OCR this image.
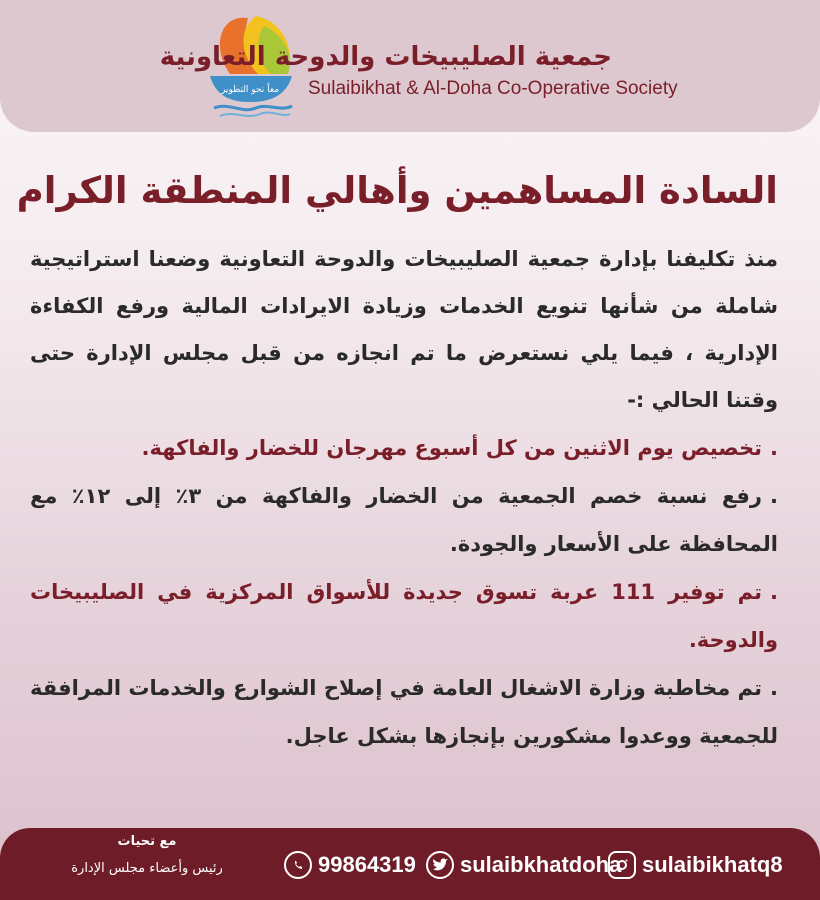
معاً نحو التطوير
جمعية الصليبيخات والدوحة التعاونية
Sulaibikhat & Al-Doha Co-Operative Society
السادة المساهمين وأهالي المنطقة الكرام

منذ تكليفنا بإدارة جمعية الصليبيخات والدوحة التعاونية وضعنا استراتيجية شاملة من شأنها تنويع الخدمات وزيادة الايرادات المالية ورفع الكفاءة الإدارية ، فيما يلي نستعرض ما تم انجازه من قبل مجلس الإدارة حتى وقتنا الحالي :-

.تخصيص يوم الاثنين من كل أسبوع مهرجان للخضار والفاكهة.

.رفع نسبة خصم الجمعية من الخضار والفاكهة من ٣٪ إلى ١٢٪ مع المحافظة على الأسعار والجودة.

.تم توفير 111 عربة تسوق جديدة للأسواق المركزية في الصليبيخات والدوحة.

.تم مخاطبة وزارة الاشغال العامة في إصلاح الشوارع والخدمات المرافقة للجمعية ووعدوا مشكورين بإنجازها بشكل عاجل.

مع تحيات
رئيس وأعضاء مجلس الإدارة	99864319 sulaibkhatdoha sulaibikhatq8
